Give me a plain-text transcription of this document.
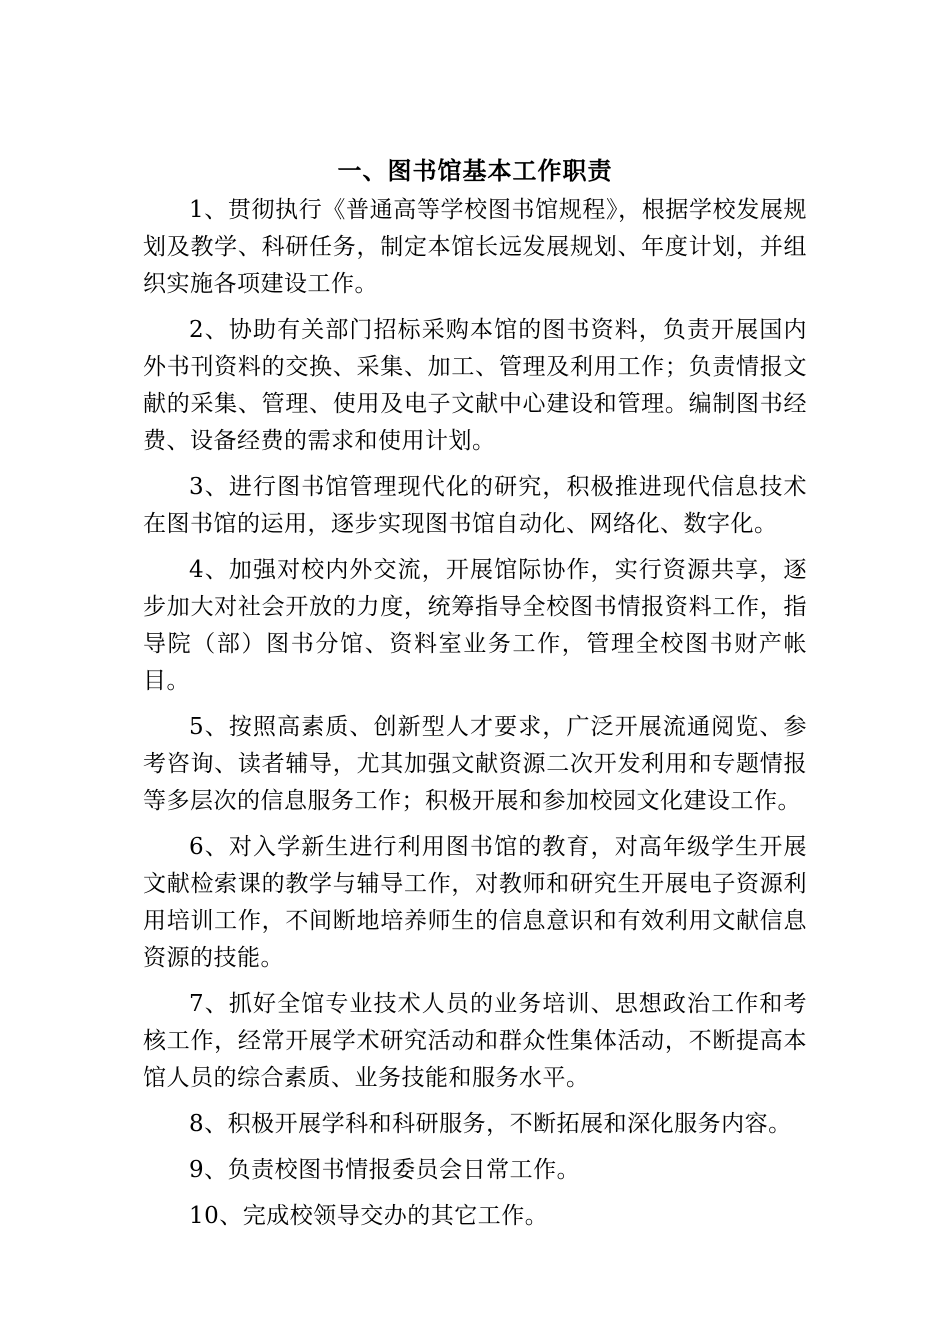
一、图书馆基本工作职责

1、贯彻执行《普通高等学校图书馆规程》，根据学校发展规划及教学、科研任务，制定本馆长远发展规划、年度计划，并组织实施各项建设工作。

2、协助有关部门招标采购本馆的图书资料，负责开展国内外书刊资料的交换、采集、加工、管理及利用工作；负责情报文献的采集、管理、使用及电子文献中心建设和管理。编制图书经费、设备经费的需求和使用计划。

3、进行图书馆管理现代化的研究，积极推进现代信息技术在图书馆的运用，逐步实现图书馆自动化、网络化、数字化。

4、加强对校内外交流，开展馆际协作，实行资源共享，逐步加大对社会开放的力度，统筹指导全校图书情报资料工作，指导院（部）图书分馆、资料室业务工作，管理全校图书财产帐目。

5、按照高素质、创新型人才要求，广泛开展流通阅览、参考咨询、读者辅导，尤其加强文献资源二次开发利用和专题情报等多层次的信息服务工作；积极开展和参加校园文化建设工作。

6、对入学新生进行利用图书馆的教育，对高年级学生开展文献检索课的教学与辅导工作，对教师和研究生开展电子资源利用培训工作，不间断地培养师生的信息意识和有效利用文献信息资源的技能。

7、抓好全馆专业技术人员的业务培训、思想政治工作和考核工作，经常开展学术研究活动和群众性集体活动，不断提高本馆人员的综合素质、业务技能和服务水平。

8、积极开展学科和科研服务，不断拓展和深化服务内容。

9、负责校图书情报委员会日常工作。

10、完成校领导交办的其它工作。
